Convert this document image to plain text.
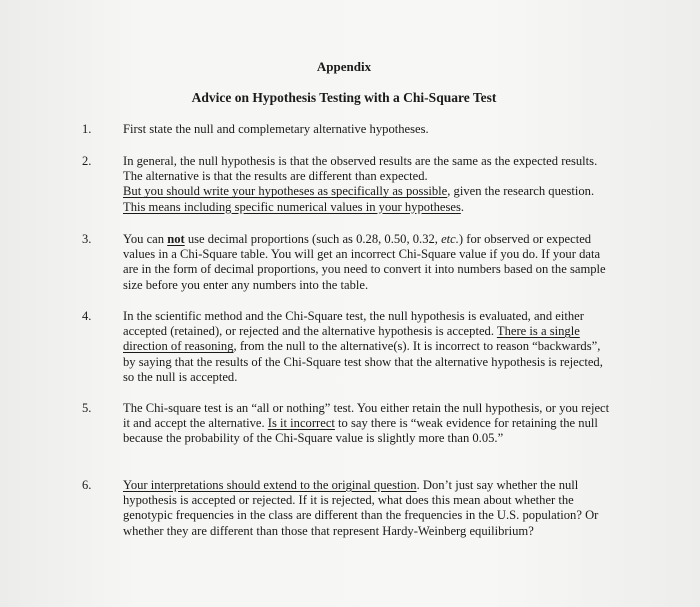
Appendix
Advice on Hypothesis Testing with a Chi-Square Test
1.	First state the null and complemetary alternative hypotheses.
2.	In general, the null hypothesis is that the observed results are the same as the expected results. The alternative is that the results are different than expected.
But you should write your hypotheses as specifically as possible, given the research question. This means including specific numerical values in your hypotheses.
3.	You can not use decimal proportions (such as 0.28, 0.50, 0.32, etc.) for observed or expected values in a Chi-Square table. You will get an incorrect Chi-Square value if you do. If your data are in the form of decimal proportions, you need to convert it into numbers based on the sample size before you enter any numbers into the table.
4.	In the scientific method and the Chi-Square test, the null hypothesis is evaluated, and either accepted (retained), or rejected and the alternative hypothesis is accepted. There is a single direction of reasoning, from the null to the alternative(s). It is incorrect to reason “backwards”, by saying that the results of the Chi-Square test show that the alternative hypothesis is rejected, so the null is accepted.
5.	The Chi-square test is an “all or nothing” test. You either retain the null hypothesis, or you reject it and accept the alternative. Is it incorrect to say there is “weak evidence for retaining the null because the probability of the Chi-Square value is slightly more than 0.05.”
6.	Your interpretations should extend to the original question. Don’t just say whether the null hypothesis is accepted or rejected. If it is rejected, what does this mean about whether the genotypic frequencies in the class are different than the frequencies in the U.S. population? Or whether they are different than those that represent Hardy-Weinberg equilibrium?
